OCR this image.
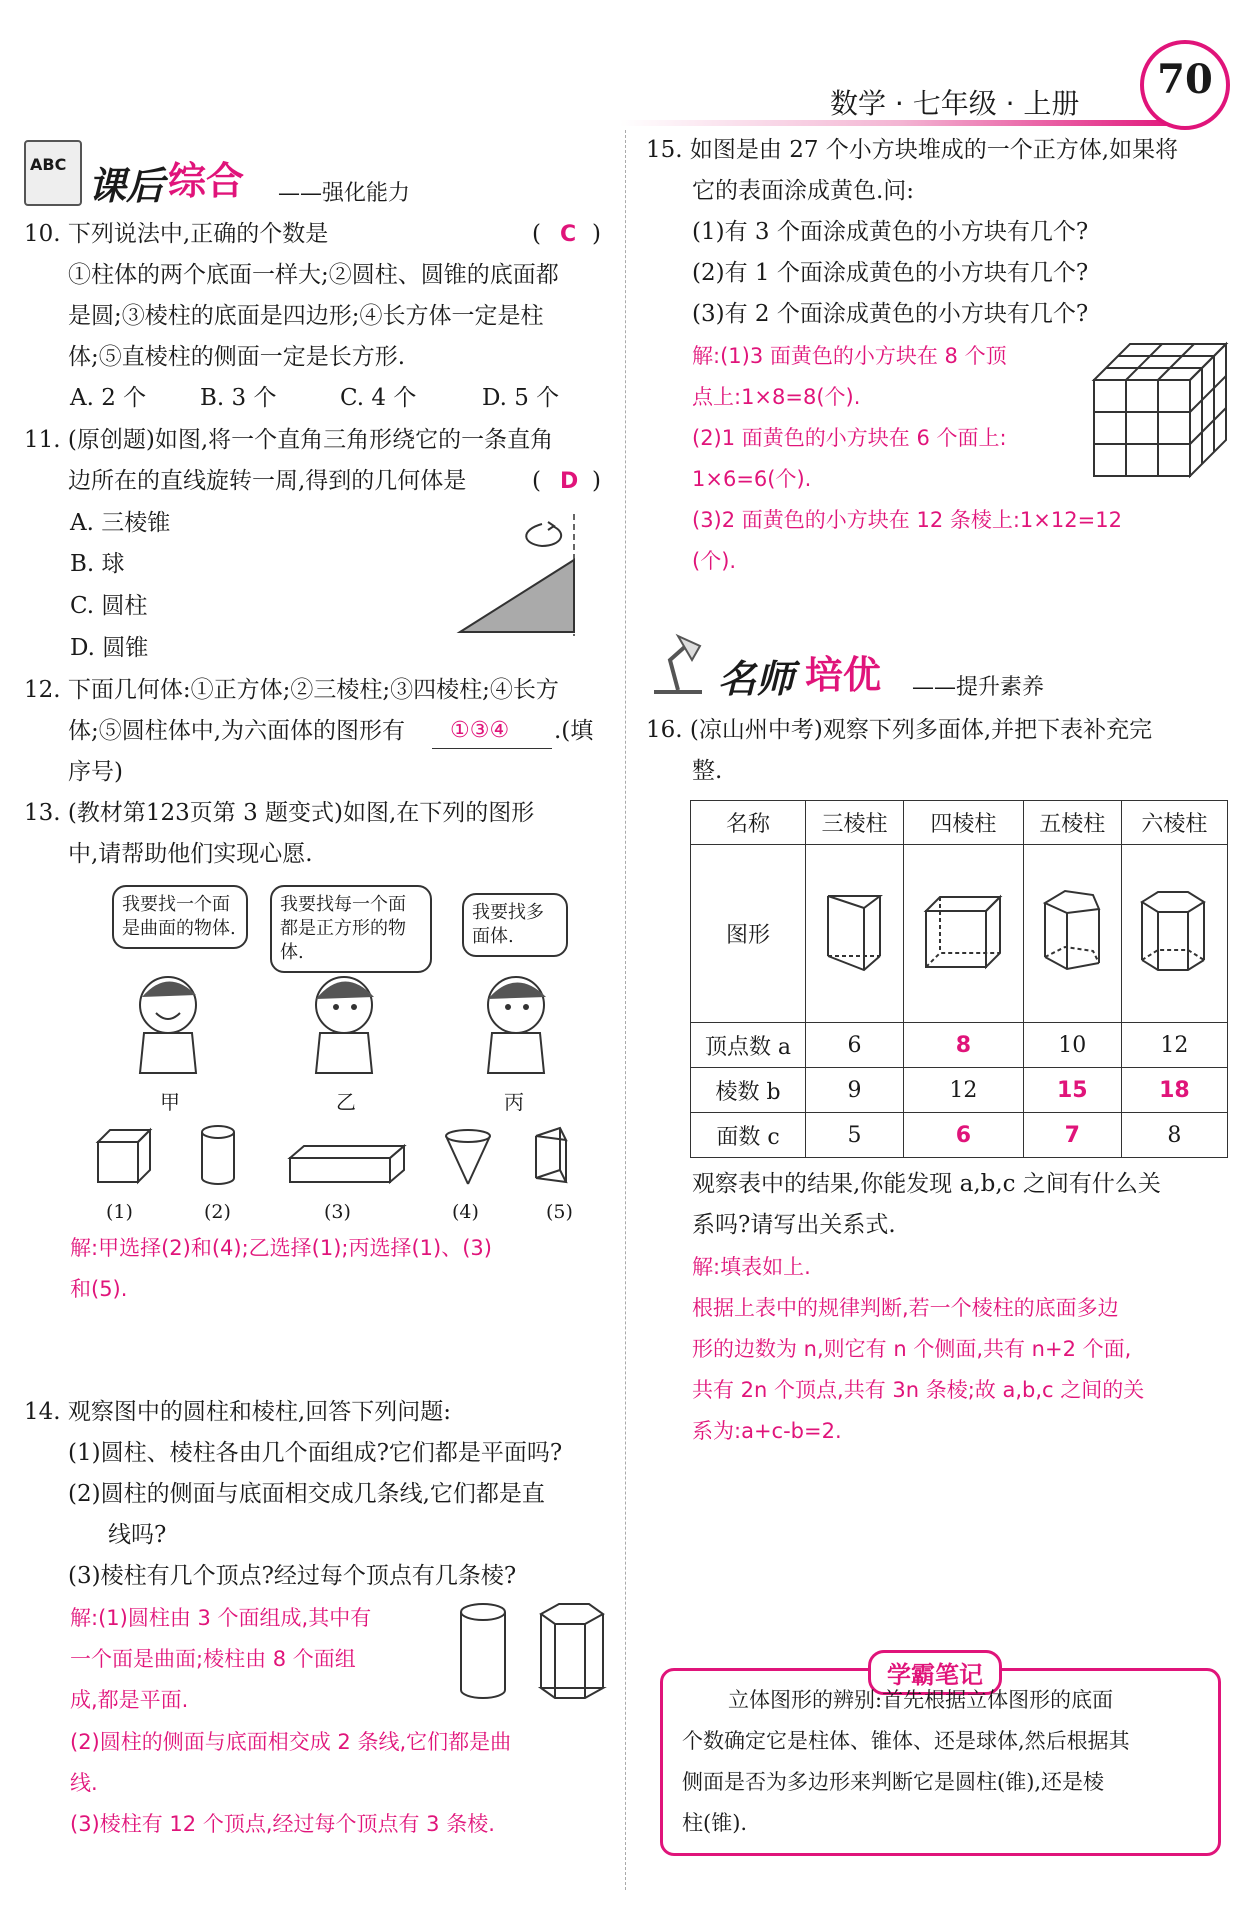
数学 · 七年级 · 上册
70
ABC 课后 综合 ——强化能力
10. 下列说法中,正确的个数是	( C )
①柱体的两个底面一样大;②圆柱、圆锥的底面都
是圆;③棱柱的底面是四边形;④长方体一定是柱
体;⑤直棱柱的侧面一定是长方形.
A. 2 个 B. 3 个	C. 4 个	D. 5 个
11. (原创题)如图,将一个直角三角形绕它的一条直角
边所在的直线旋转一周,得到的几何体是	( D )
A. 三棱锥
B. 球
C. 圆柱
D. 圆锥
12. 下面几何体:①正方体;②三棱柱;③四棱柱;④长方
体;⑤圆柱体中,为六面体的图形有 ①③④ .(填
序号)
13. (教材第123页第 3 题变式)如图,在下列的图形
中,请帮助他们实现心愿.
我要找一个面是曲面的物体.
我要找每一个面都是正方形的物体.
我要找多面体.
甲	乙	丙
(1)	(2)	(3)	(4)	(5)
解:甲选择(2)和(4);乙选择(1);丙选择(1)、(3)
和(5).
14. 观察图中的圆柱和棱柱,回答下列问题:
(1)圆柱、棱柱各由几个面组成?它们都是平面吗?
(2)圆柱的侧面与底面相交成几条线,它们都是直
线吗?
(3)棱柱有几个顶点?经过每个顶点有几条棱?
解:(1)圆柱由 3 个面组成,其中有
一个面是曲面;棱柱由 8 个面组
成,都是平面.
(2)圆柱的侧面与底面相交成 2 条线,它们都是曲
线.
(3)棱柱有 12 个顶点,经过每个顶点有 3 条棱.
15. 如图是由 27 个小方块堆成的一个正方体,如果将
它的表面涂成黄色.问:
(1)有 3 个面涂成黄色的小方块有几个?
(2)有 1 个面涂成黄色的小方块有几个?
(3)有 2 个面涂成黄色的小方块有几个?
解:(1)3 面黄色的小方块在 8 个顶
点上:1×8=8(个).
(2)1 面黄色的小方块在 6 个面上:
1×6=6(个).
(3)2 面黄色的小方块在 12 条棱上:1×12=12
(个).
名师 培优 ——提升素养
16. (凉山州中考)观察下列多面体,并把下表补充完
整.
名称	三棱柱	四棱柱	五棱柱	六棱柱
图形				
顶点数 a	6	8	10	12
棱数 b	9	12	15	18
面数 c	5	6	7	8
观察表中的结果,你能发现 a,b,c 之间有什么关
系吗?请写出关系式.
解:填表如上.
根据上表中的规律判断,若一个棱柱的底面多边
形的边数为 n,则它有 n 个侧面,共有 n+2 个面,
共有 2n 个顶点,共有 3n 条棱;故 a,b,c 之间的关
系为:a+c-b=2.
学霸笔记
立体图形的辨别:首先根据立体图形的底面
个数确定它是柱体、锥体、还是球体,然后根据其
侧面是否为多边形来判断它是圆柱(锥),还是棱
柱(锥).
